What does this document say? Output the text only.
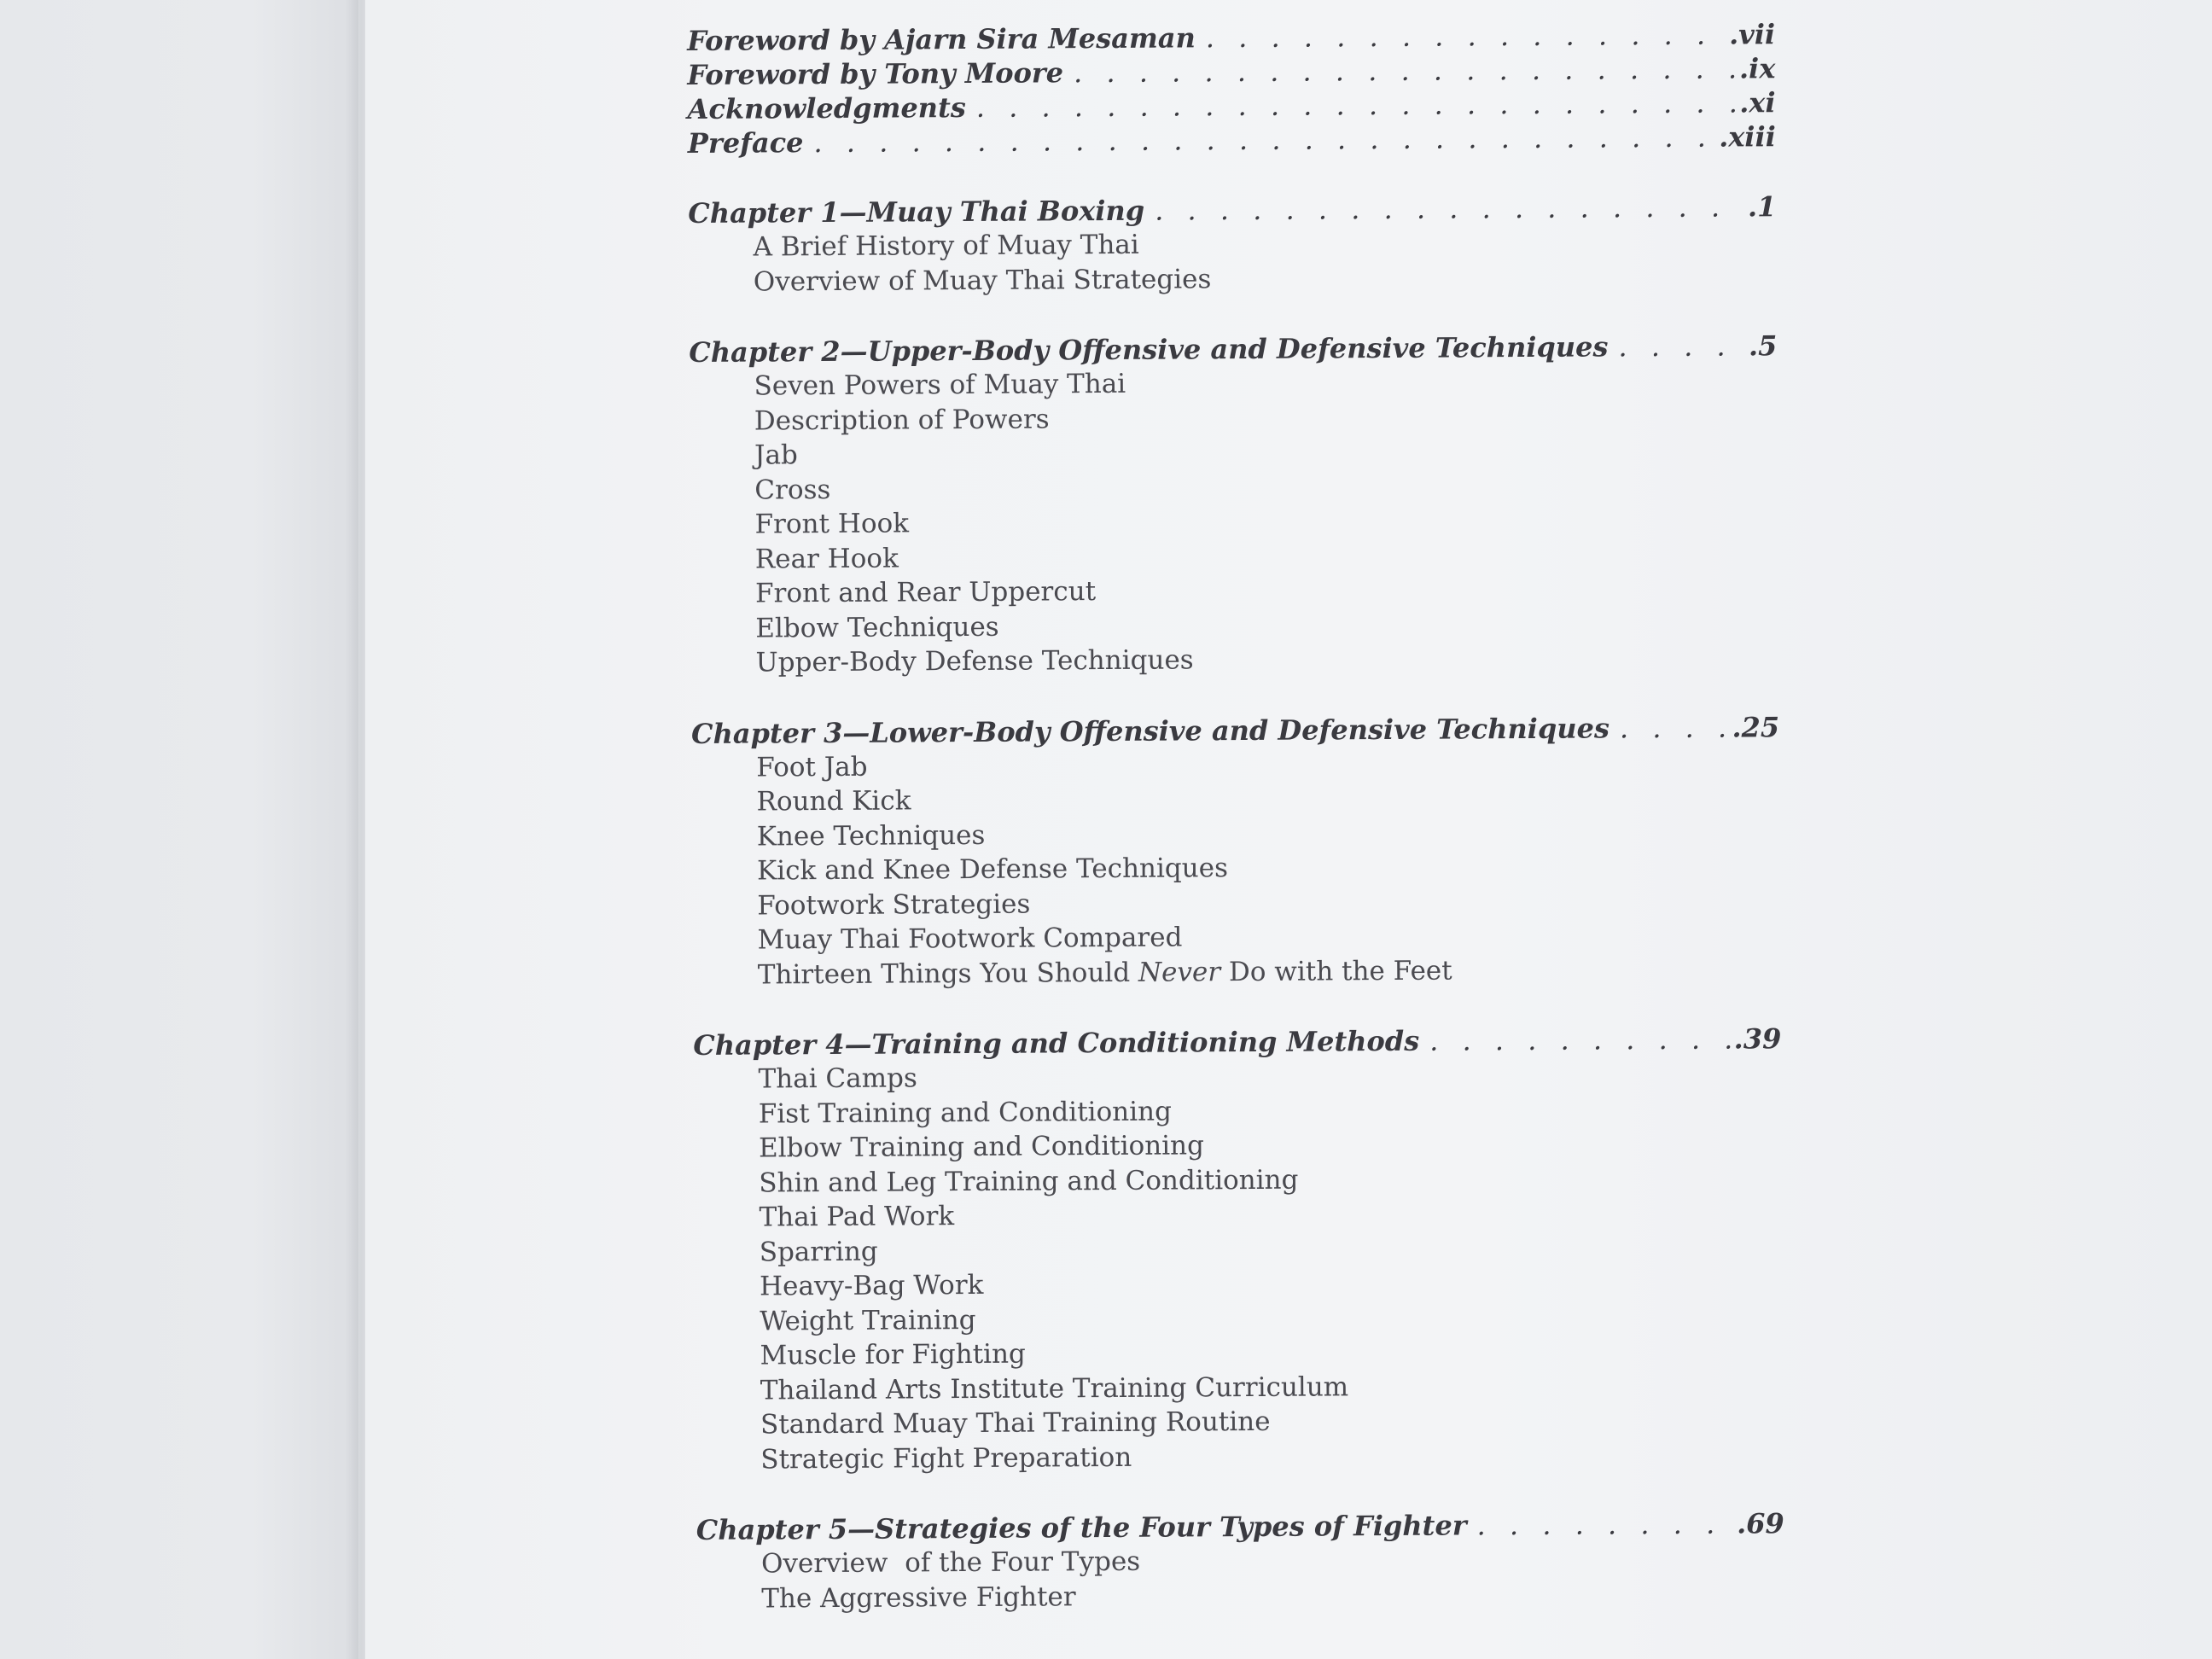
Foreword by Ajarn Sira Mesaman . . .	.vii
Foreword by Tony Moore . . .	.ix
Acknowledgments . . .	.xi
Preface . . .	.xiii
Chapter 1—Muay Thai Boxing . . .	.1
A Brief History of Muay Thai
Overview of Muay Thai Strategies
Chapter 2—Upper-Body Offensive and Defensive Techniques . . .	.5
Seven Powers of Muay Thai
Description of Powers
Jab
Cross
Front Hook
Rear Hook
Front and Rear Uppercut
Elbow Techniques
Upper-Body Defense Techniques
Chapter 3—Lower-Body Offensive and Defensive Techniques . . .	.25
Foot Jab
Round Kick
Knee Techniques
Kick and Knee Defense Techniques
Footwork Strategies
Muay Thai Footwork Compared
Thirteen Things You Should Never Do with the Feet
Chapter 4—Training and Conditioning Methods . . .	.39
Thai Camps
Fist Training and Conditioning
Elbow Training and Conditioning
Shin and Leg Training and Conditioning
Thai Pad Work
Sparring
Heavy-Bag Work
Weight Training
Muscle for Fighting
Thailand Arts Institute Training Curriculum
Standard Muay Thai Training Routine
Strategic Fight Preparation
Chapter 5—Strategies of the Four Types of Fighter . . .	.69
Overview  of the Four Types
The Aggressive Fighter
